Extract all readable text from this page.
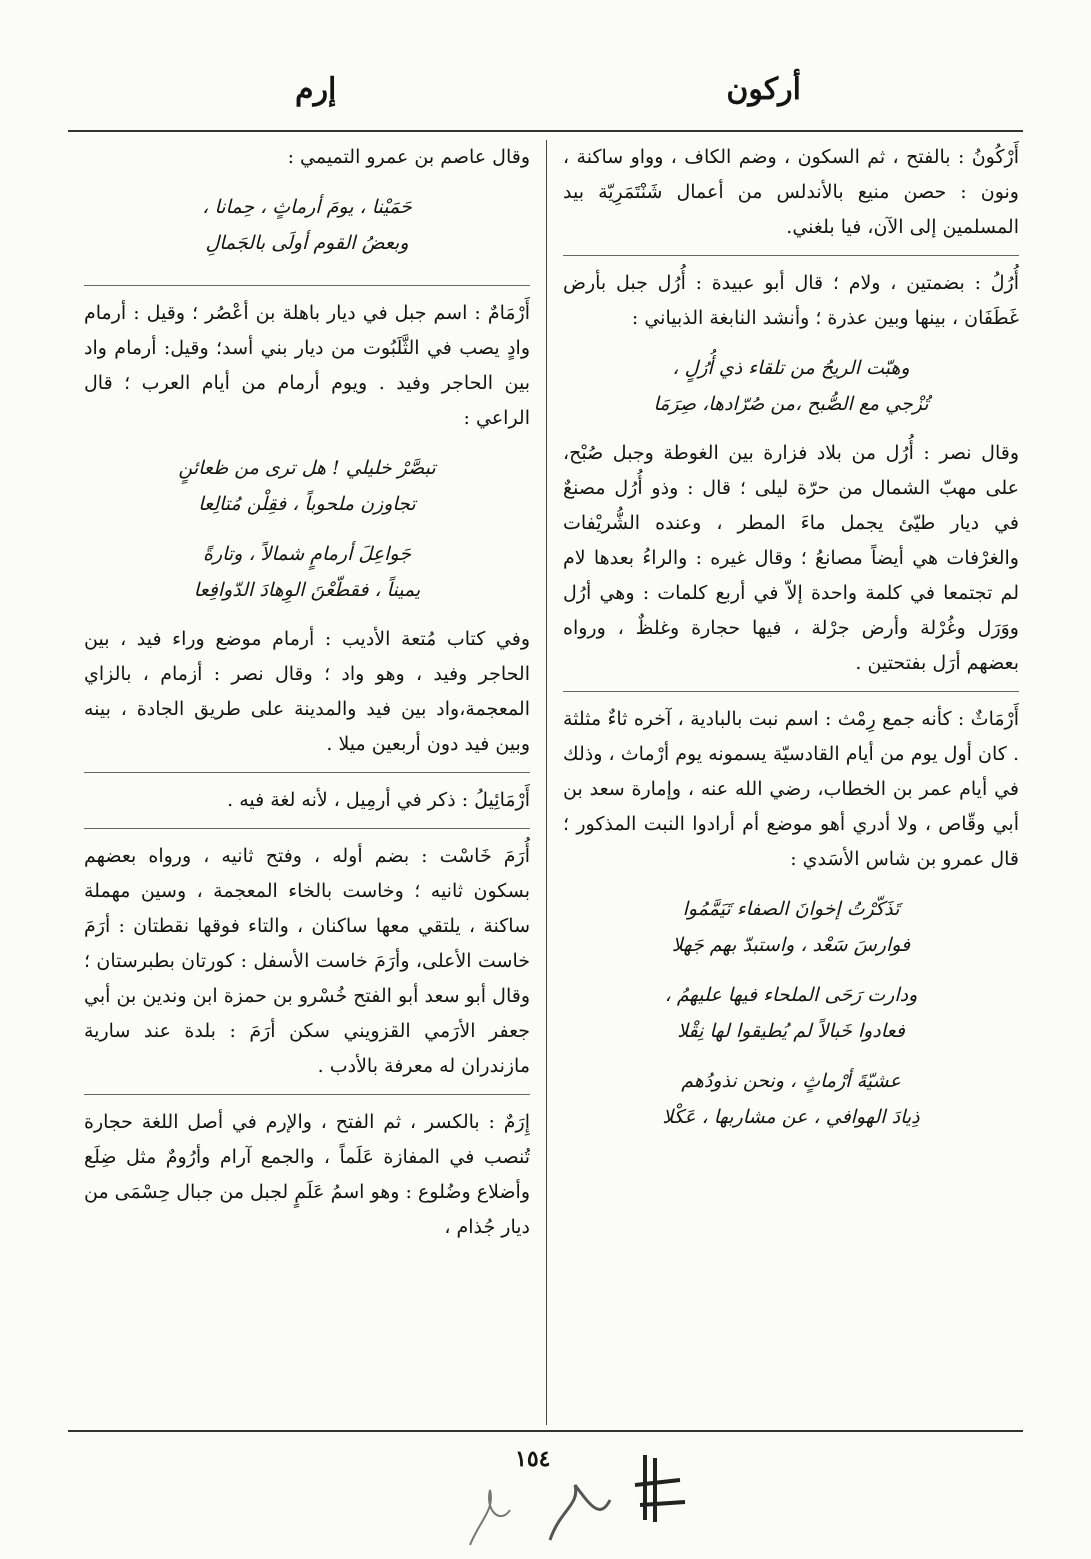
أركون
إرم

أَرْكُونُ : بالفتح ، ثم السكون ، وضم الكاف ، وواو ساكنة ، ونون : حصن منيع بالأندلس من أعمال شَنْتَمَرِيّة بيد المسلمين إلى الآن، فيا بلغني.

أُرُلُ : بضمتين ، ولام ؛ قال أبو عبيدة : أُرُل جبل بأرض غَطَفَان ، بينها وبين عذرة ؛ وأنشد النابغة الذبياني :

وهبّت الريحُ من تلقاء ذي أُرُلٍ ،
تُزْجي مع الصُّبح ،من صُرّادها، صِرَمَا

وقال نصر : أُرُل من بلاد فزارة بين الغوطة وجبل صُبْح، على مهبّ الشمال من حرّة ليلى ؛ قال : وذو أُرُل مصنعٌ في ديار طيّئ يجمل ماءَ المطر ، وعنده الشُّريْفات والغرْفات هي أيضاً مصانعُ ؛ وقال غيره : والراءُ بعدها لام لم تجتمعا في كلمة واحدة إلاّ في أربع كلمات : وهي أرُل ووَرَل وغُرْلة وأرض جرْلة ، فيها حجارة وغلظٌ ، ورواه بعضهم أرَل بفتحتين .

أَرْمَاثٌ : كأنه جمع رِمْث : اسم نبت بالبادية ، آخره ثاءٌ مثلثة . كان أول يوم من أيام القادسيّة يسمونه يوم أرْماث ، وذلك في أيام عمر بن الخطاب، رضي الله عنه ، وإمارة سعد بن أبي وقّاص ، ولا أدري أهو موضع أم أرادوا النبت المذكور ؛ قال عمرو بن شاس الأسَدي :

تَذَكّرْتُ إخوانَ الصفاء تَيَمَّمُوا
فوارسَ سَعْد ، واستبدّ بهم جَهلا
ودارت رَحَى الملحاء فيها عليهمُ ،
فعادوا خَبالاً لم يُطيقوا لها نِقْلا
عشيّةَ أرْماثٍ ، ونحن نذودُهم
ذِيادَ الهوافي ، عن مشاربها ، عَكْلا

وقال عاصم بن عمرو التميمي :

حَمَيْنا ، يومَ أرماثٍ ، حِمانا ،
وبعضُ القوم أولَى بالجَمالِ

أَرْمَامٌ : اسم جبل في ديار باهلة بن أعْصُر ؛ وقيل : أرمام وادٍ يصب في الثَّلَبُوت من ديار بني أسد؛ وقيل: أرمام واد بين الحاجر وفيد . ويوم أرمام من أيام العرب ؛ قال الراعي :

تبصَّرْ خليلي ! هل ترى من ظعائنٍ
تجاوزن ملحوباً ، فقِلْن مُتالِعا
جَواعِلَ أرمامٍ شمالاً ، وتارةً
يميناً ، فقطّعْنَ الوِهادَ الدّوافِعا

وفي كتاب مُتعة الأديب : أرمام موضع وراء فيد ، بين الحاجر وفيد ، وهو واد ؛ وقال نصر : أزمام ، بالزاي المعجمة،واد بين فيد والمدينة على طريق الجادة ، بينه وبين فيد دون أربعين ميلا .

أَرْمَائِيلُ : ذكر في أرمِيل ، لأنه لغة فيه .

أُرَمَ خَاسْت : بضم أوله ، وفتح ثانيه ، ورواه بعضهم بسكون ثانيه ؛ وخاست بالخاء المعجمة ، وسين مهملة ساكنة ، يلتقي معها ساكنان ، والتاء فوقها نقطتان : أرَمَ خاست الأعلى، وأرَمَ خاست الأسفل : كورتان بطبرستان ؛ وقال أبو سعد أبو الفتح خُسْرو بن حمزة ابن وندين بن أبي جعفر الأرَمي القزويني سكن أرَمَ : بلدة عند سارية مازندران له معرفة بالأدب .

إِرَمٌ : بالكسر ، ثم الفتح ، والإرم في أصل اللغة حجارة تُنصب في المفازة عَلَماً ، والجمع آرام وأرُومٌ مثل ضِلَع وأضلاع وضُلوع : وهو اسمُ عَلَمٍ لجبل من جبال حِسْمَى من ديار جُذام ،

١٥٤
